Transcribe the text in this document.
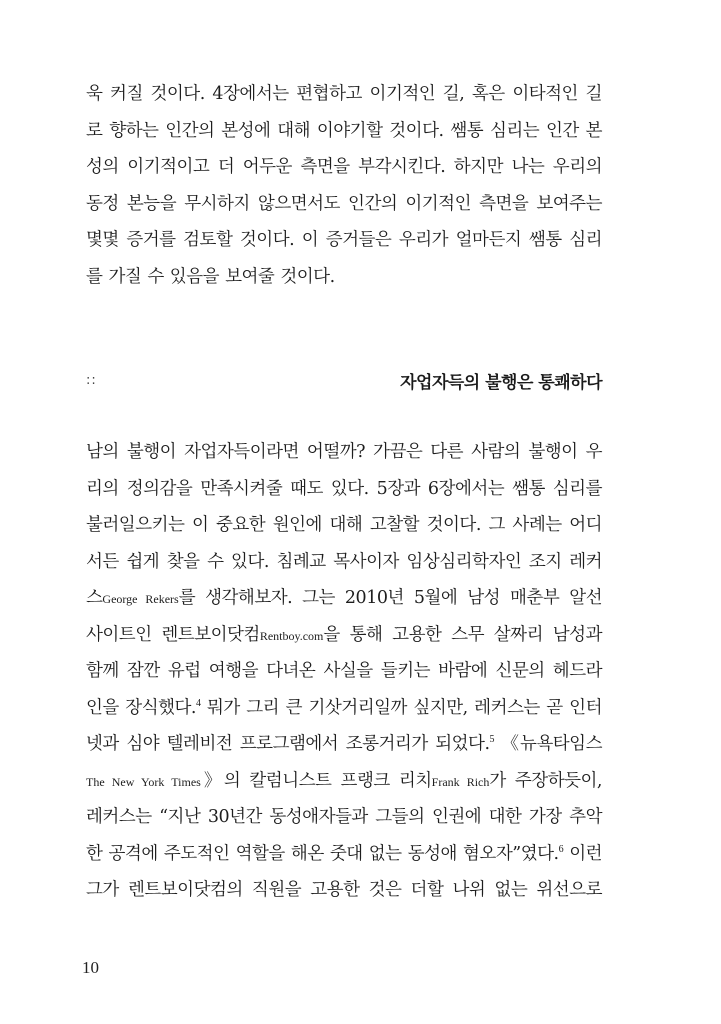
욱 커질 것이다. 4장에서는 편협하고 이기적인 길, 혹은 이타적인 길
로 향하는 인간의 본성에 대해 이야기할 것이다. 쌤통 심리는 인간 본
성의 이기적이고 더 어두운 측면을 부각시킨다. 하지만 나는 우리의
동정 본능을 무시하지 않으면서도 인간의 이기적인 측면을 보여주는
몇몇 증거를 검토할 것이다. 이 증거들은 우리가 얼마든지 쌤통 심리
를 가질 수 있음을 보여줄 것이다.
::	자업자득의 불행은 통쾌하다
남의 불행이 자업자득이라면 어떨까? 가끔은 다른 사람의 불행이 우
리의 정의감을 만족시켜줄 때도 있다. 5장과 6장에서는 쌤통 심리를
불러일으키는 이 중요한 원인에 대해 고찰할 것이다. 그 사례는 어디
서든 쉽게 찾을 수 있다. 침례교 목사이자 임상심리학자인 조지 레커
스George Rekers를 생각해보자. 그는 2010년 5월에 남성 매춘부 알선
사이트인 렌트보이닷컴Rentboy.com을 통해 고용한 스무 살짜리 남성과
함께 잠깐 유럽 여행을 다녀온 사실을 들키는 바람에 신문의 헤드라
인을 장식했다.$^4$ 뭐가 그리 큰 기삿거리일까 싶지만, 레커스는 곧 인터
넷과 심야 텔레비전 프로그램에서 조롱거리가 되었다.$^5$ 《뉴욕타임스
The New York Times》의 칼럼니스트 프랭크 리치Frank Rich가 주장하듯이,
레커스는 “지난 30년간 동성애자들과 그들의 인권에 대한 가장 추악
한 공격에 주도적인 역할을 해온 줏대 없는 동성애 혐오자”였다.$^6$ 이런
그가 렌트보이닷컴의 직원을 고용한 것은 더할 나위 없는 위선으로
10
